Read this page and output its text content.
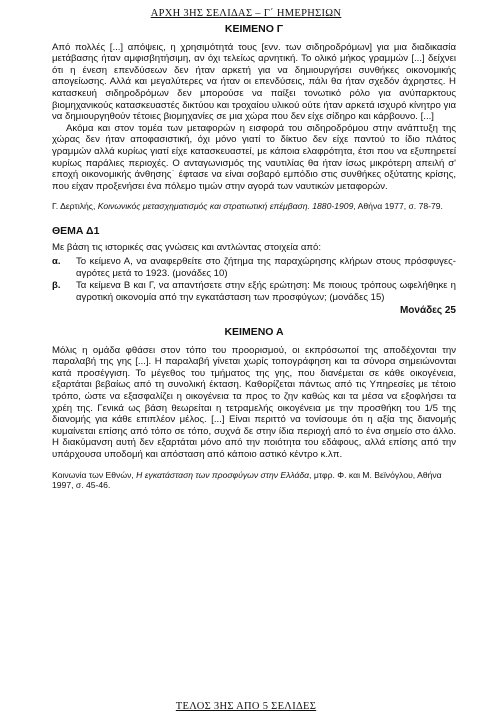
ΑΡΧΗ 3ΗΣ ΣΕΛΙΔΑΣ – Γ΄ ΗΜΕΡΗΣΙΩΝ
ΚΕΙΜΕΝΟ Γ

Από πολλές [...] απόψεις, η χρησιμότητά τους [ενν. των σιδηροδρόμων] για μια διαδικασία μετάβασης ήταν αμφισβητήσιμη, αν όχι τελείως αρνητική. Το ολικό μήκος γραμμών [...] δείχνει ότι η ένεση επενδύσεων δεν ήταν αρκετή για να δημιουργήσει συνθήκες οικονομικής απογείωσης. Αλλά και μεγαλύτερες να ήταν οι επενδύσεις, πάλι θα ήταν σχεδόν άχρηστες. Η κατασκευή σιδηροδρόμων δεν μπορούσε να παίξει τονωτικό ρόλο για ανύπαρκτους βιομηχανικούς κατασκευαστές δικτύου και τροχαίου υλικού ούτε ήταν αρκετά ισχυρό κίνητρο για να δημιουργηθούν τέτοιες βιομηχανίες σε μια χώρα που δεν είχε σίδηρο και κάρβουνο. [...]

Ακόμα και στον τομέα των μεταφορών η εισφορά του σιδηροδρόμου στην ανάπτυξη της χώρας δεν ήταν αποφασιστική, όχι μόνο γιατί το δίκτυο δεν είχε παντού το ίδιο πλάτος γραμμών αλλά κυρίως γιατί είχε κατασκευαστεί, με κάποια ελαφρότητα, έτσι που να εξυπηρετεί κυρίως παράλιες περιοχές. Ο ανταγωνισμός της ναυτιλίας θα ήταν ίσως μικρότερη απειλή σ' εποχή οικονομικής άνθησης˙ έφτασε να είναι σοβαρό εμπόδιο στις συνθήκες οξύτατης κρίσης, που είχαν προξενήσει ένα πόλεμο τιμών στην αγορά των ναυτικών μεταφορών.

Γ. Δερτιλής, Κοινωνικός μετασχηματισμός και στρατιωτική επέμβαση. 1880-1909, Αθήνα 1977, σ. 78-79.

ΘΕΜΑ Δ1

Με βάση τις ιστορικές σας γνώσεις και αντλώντας στοιχεία από:

α.	Το κείμενο Α, να αναφερθείτε στο ζήτημα της παραχώρησης κλήρων στους πρόσφυγες-αγρότες μετά το 1923. (μονάδες 10)
β.	Τα κείμενα Β και Γ, να απαντήσετε στην εξής ερώτηση: Με ποιους τρόπους ωφελήθηκε η αγροτική οικονομία από την εγκατάσταση των προσφύγων; (μονάδες 15)
Μονάδες 25
ΚΕΙΜΕΝΟ Α

Μόλις η ομάδα φθάσει στον τόπο του προορισμού, οι εκπρόσωποί της αποδέχονται την παραλαβή της γης [...]. Η παραλαβή γίνεται χωρίς τοπογράφηση και τα σύνορα σημειώνονται κατά προσέγγιση. Το μέγεθος του τμήματος της γης, που διανέμεται σε κάθε οικογένεια, εξαρτάται βεβαίως από τη συνολική έκταση. Καθορίζεται πάντως από τις Υπηρεσίες με τέτοιο τρόπο, ώστε να εξασφαλίζει η οικογένεια τα προς το ζην καθώς και τα μέσα να εξοφλήσει τα χρέη της. Γενικά ως βάση θεωρείται η τετραμελής οικογένεια με την προσθήκη του 1/5 της διανομής για κάθε επιπλέον μέλος. [...] Είναι περιττό να τονίσουμε ότι η αξία της διανομής κυμαίνεται επίσης από τόπο σε τόπο, συχνά δε στην ίδια περιοχή από το ένα σημείο στο άλλο. Η διακύμανση αυτή δεν εξαρτάται μόνο από την ποιότητα του εδάφους, αλλά επίσης από την υπάρχουσα υποδομή και απόσταση από κάποιο αστικό κέντρο κ.λπ.

Κοινωνία των Εθνών, Η εγκατάσταση των προσφύγων στην Ελλάδα, μτφρ. Φ. και Μ. Βεϊνόγλου, Αθήνα 1997, σ. 45-46.

ΤΕΛΟΣ 3ΗΣ ΑΠΟ 5 ΣΕΛΙΔΕΣ
